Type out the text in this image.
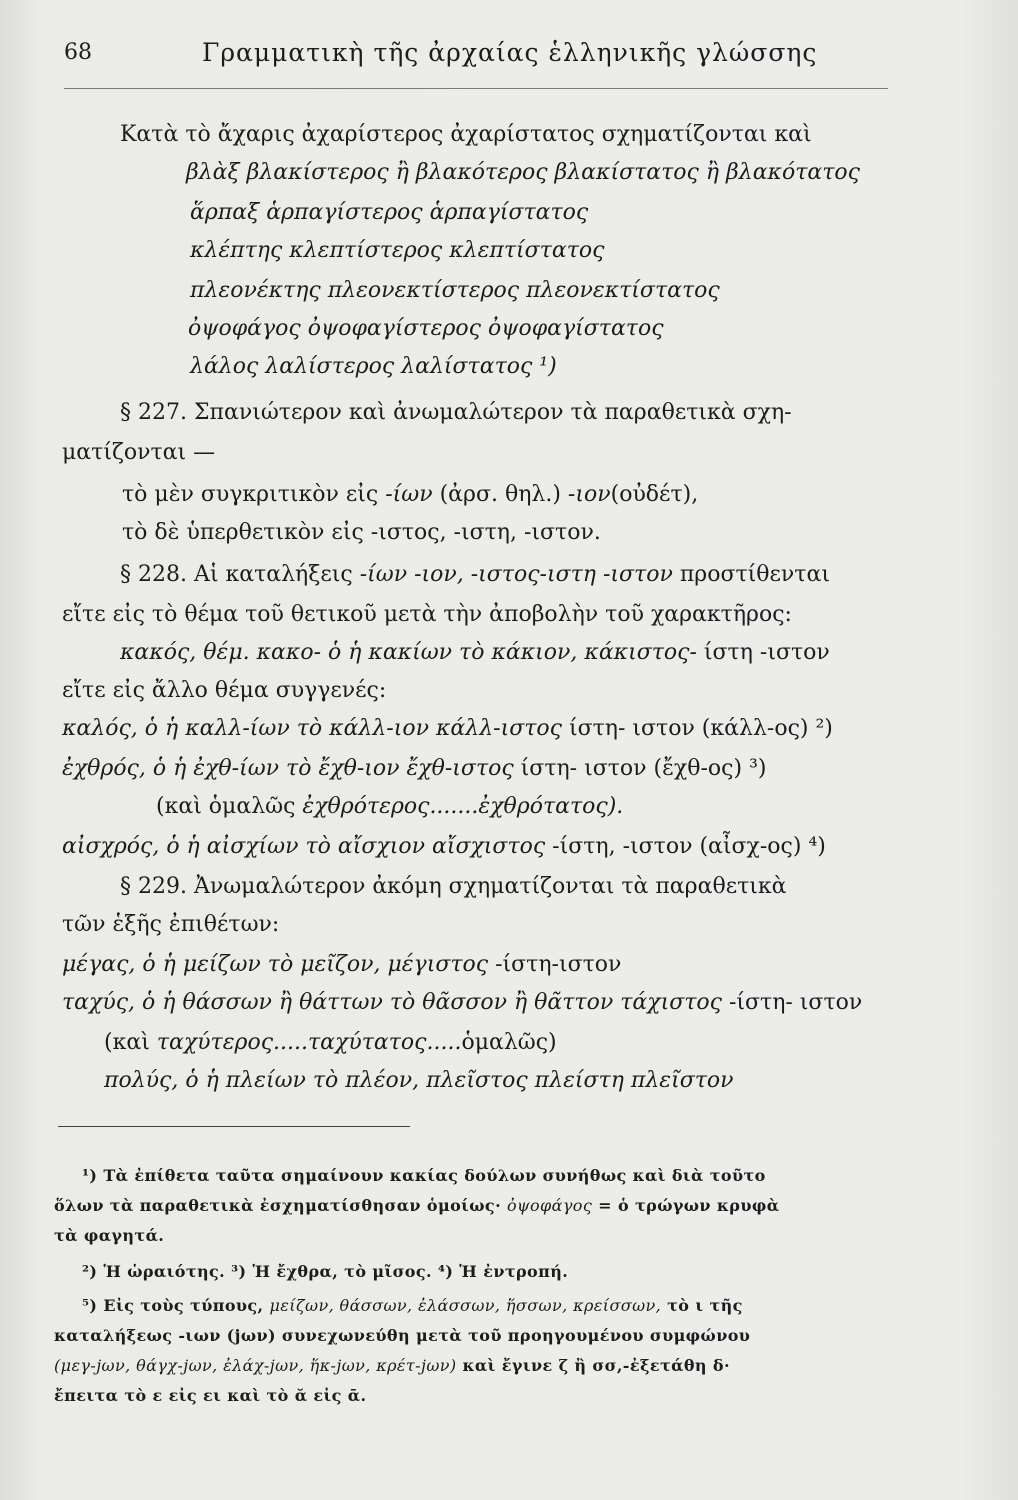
68	Γραμματικὴ τῆς ἀρχαίας ἑλληνικῆς γλώσσης
Κατὰ τὸ ἄχαρις ἀχαρίστερος ἀχαρίστατος σχηματίζονται καὶ
βλὰξ βλακίστερος ἢ βλακότερος βλακίστατος ἢ βλακότατος
ἅρπαξ ἁρπαγίστερος ἁρπαγίστατος
κλέπτης κλεπτίστερος κλεπτίστατος
πλεονέκτης πλεονεκτίστερος πλεονεκτίστατος
ὀψοφάγος ὀψοφαγίστερος ὀψοφαγίστατος
λάλος λαλίστερος λαλίστατος ¹)
§ 227. Σπανιώτερον καὶ ἀνωμαλώτερον τὰ παραθετικὰ σχη-
ματίζονται —
τὸ μὲν συγκριτικὸν εἰς -ίων (ἀρσ. θηλ.) -ιον(οὐδέτ),
τὸ δὲ ὑπερθετικὸν εἰς -ιστος, -ιστη, -ιστον.
§ 228. Αἱ καταλήξεις -ίων -ιον, -ιστος-ιστη -ιστον προστίθενται
εἴτε εἰς τὸ θέμα τοῦ θετικοῦ μετὰ τὴν ἀποβολὴν τοῦ χαρακτῆρος:
κακός, θέμ. κακο- ὁ ἡ κακίων τὸ κάκιον, κάκιστος- ίστη -ιστον
εἴτε εἰς ἄλλο θέμα συγγενές:
καλός, ὁ ἡ καλλ-ίων τὸ κάλλ-ιον κάλλ-ιστος ίστη- ιστον (κάλλ-ος) ²)
ἐχθρός, ὁ ἡ ἐχθ-ίων τὸ ἔχθ-ιον ἔχθ-ιστος ίστη- ιστον (ἔχθ-ος) ³)
(καὶ ὁμαλῶς ἐχθρότερος.......ἐχθρότατος).
αἰσχρός, ὁ ἡ αἰσχίων τὸ αἴσχιον αἴσχιστος -ίστη, -ιστον (αἶσχ-ος) ⁴)
§ 229. Ἀνωμαλώτερον ἀκόμη σχηματίζονται τὰ παραθετικὰ
τῶν ἑξῆς ἐπιθέτων:
μέγας, ὁ ἡ μείζων τὸ μεῖζον, μέγιστος -ίστη-ιστον
ταχύς, ὁ ἡ θάσσων ἢ θάττων τὸ θᾶσσον ἢ θᾶττον τάχιστος -ίστη- ιστον
(καὶ ταχύτερος.....ταχύτατος.....ὁμαλῶς)
πολύς, ὁ ἡ πλείων τὸ πλέον, πλεῖστος πλείστη πλεῖστον
¹) Τὰ ἐπίθετα ταῦτα σημαίνουν κακίας δούλων συνήθως καὶ διὰ τοῦτο
ὅλων τὰ παραθετικὰ ἐσχηματίσθησαν ὁμοίως· ὀψοφάγος = ὁ τρώγων κρυφὰ
τὰ φαγητά.
²) Ἡ ὡραιότης. ³) Ἡ ἔχθρα, τὸ μῖσος. ⁴) Ἡ ἐντροπή.
⁵) Εἰς τοὺς τύπους, μείζων, θάσσων, ἐλάσσων, ἥσσων, κρείσσων, τὸ ι τῆς
καταλήξεως -ιων (jων) συνεχωνεύθη μετὰ τοῦ προηγουμένου συμφώνου
(μεγ-jων, θάγχ-jων, ἐλάχ-jων, ἥκ-jων, κρέτ-jων) καὶ ἔγινε ζ ἢ σσ,-ἐξετάθη δ·
ἔπειτα τὸ ε εἰς ει καὶ τὸ ᾰ εἰς ᾱ.
